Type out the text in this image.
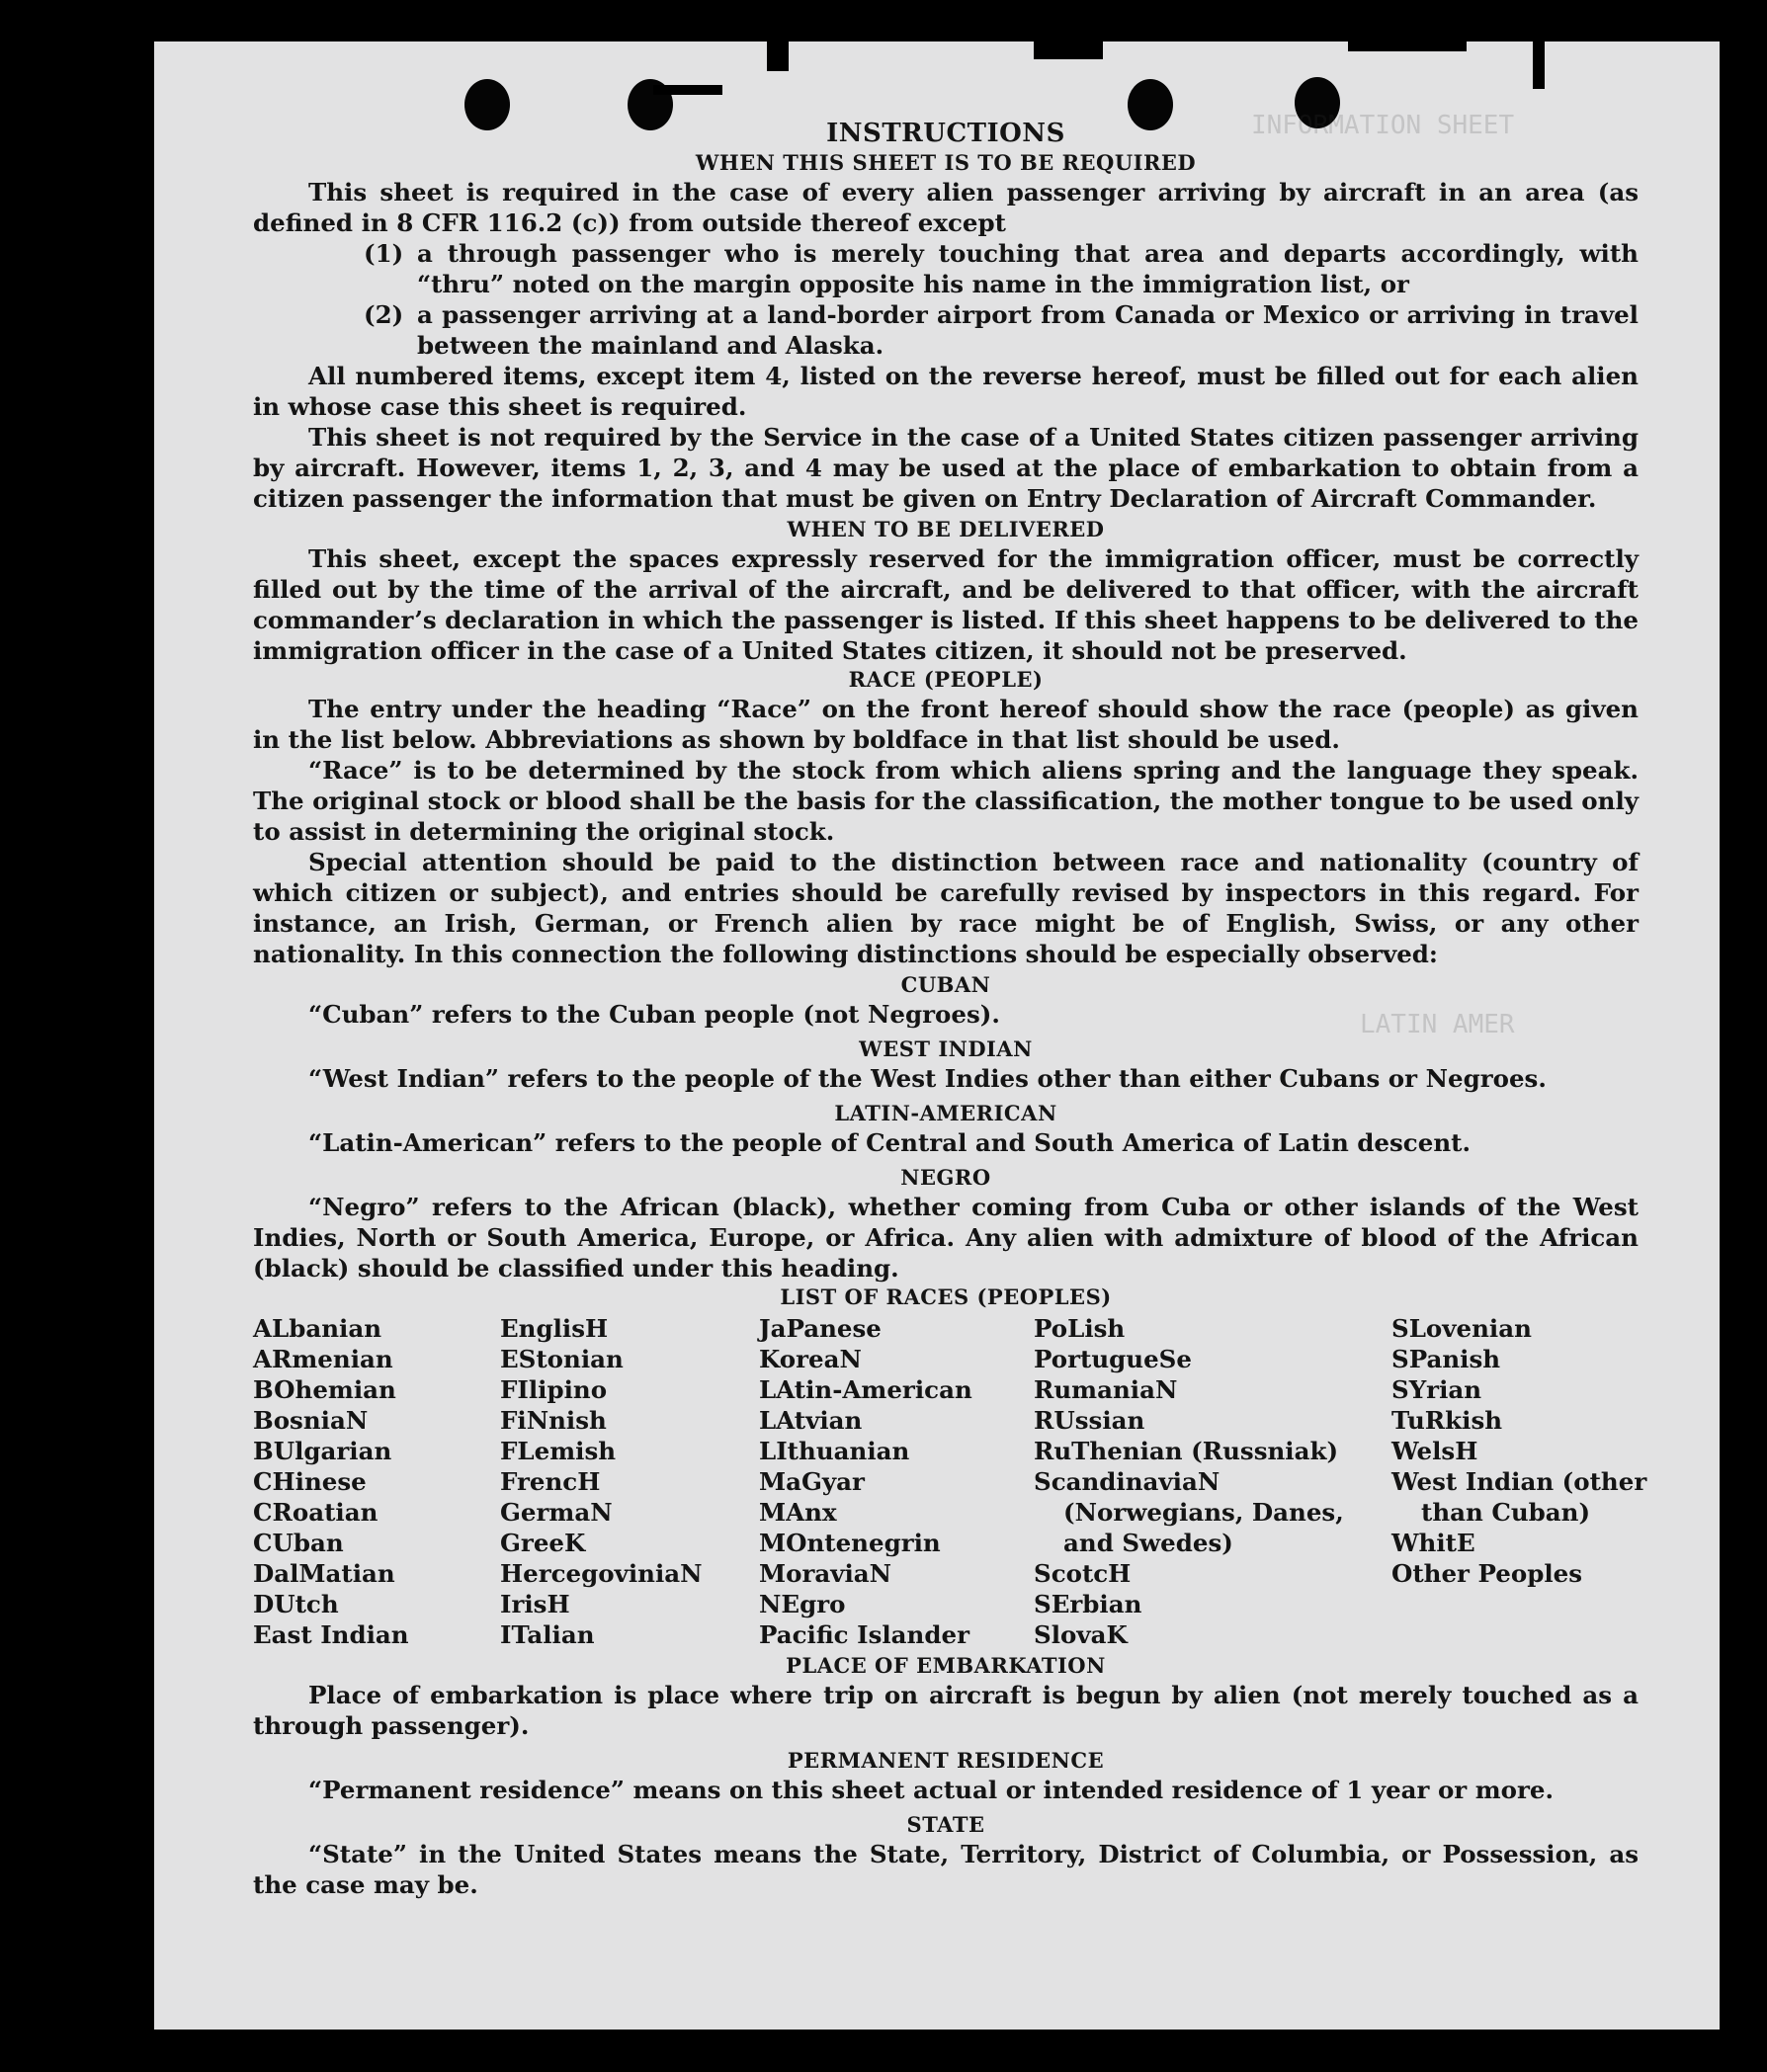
INFORMATION SHEET
LATIN AMER
INSTRUCTIONS
WHEN THIS SHEET IS TO BE REQUIRED
This sheet is required in the case of every alien passenger arriving by aircraft in an area (as defined in 8 CFR 116.2 (c)) from outside thereof except
(1) a through passenger who is merely touching that area and departs accordingly, with “thru” noted on the margin opposite his name in the immigration list, or
(2) a passenger arriving at a land-border airport from Canada or Mexico or arriving in travel between the mainland and Alaska.

All numbered items, except item 4, listed on the reverse hereof, must be filled out for each alien in whose case this sheet is required.

This sheet is not required by the Service in the case of a United States citizen passenger arriving by aircraft. However, items 1, 2, 3, and 4 may be used at the place of embarkation to obtain from a citizen passenger the information that must be given on Entry Declaration of Aircraft Commander.

WHEN TO BE DELIVERED

This sheet, except the spaces expressly reserved for the immigration officer, must be correctly filled out by the time of the arrival of the aircraft, and be delivered to that officer, with the aircraft commander’s declaration in which the passenger is listed. If this sheet happens to be delivered to the immigration officer in the case of a United States citizen, it should not be preserved.

RACE (PEOPLE)

The entry under the heading “Race” on the front hereof should show the race (people) as given in the list below. Abbreviations as shown by boldface in that list should be used.

“Race” is to be determined by the stock from which aliens spring and the language they speak. The original stock or blood shall be the basis for the classification, the mother tongue to be used only to assist in determining the original stock.

Special attention should be paid to the distinction between race and nationality (country of which citizen or subject), and entries should be carefully revised by inspectors in this regard. For instance, an Irish, German, or French alien by race might be of English, Swiss, or any other nationality. In this connection the following distinctions should be especially observed:

CUBAN

“Cuban” refers to the Cuban people (not Negroes).

WEST INDIAN

“West Indian” refers to the people of the West Indies other than either Cubans or Negroes.

LATIN-AMERICAN

“Latin-American” refers to the people of Central and South America of Latin descent.

NEGRO

“Negro” refers to the African (black), whether coming from Cuba or other islands of the West Indies, North or South America, Europe, or Africa. Any alien with admixture of blood of the African (black) should be classified under this heading.

LIST OF RACES (PEOPLES)
ALbanian
ARmenian
BOhemian
BosniaN
BUlgarian
CHinese
CRoatian
CUban
DalMatian
DUtch
East Indian
EnglisH
EStonian
FIlipino
FiNnish
FLemish
FrencH
GermaN
GreeK
HercegoviniaN
IrisH
ITalian
JaPanese
KoreaN
LAtin-American
LAtvian
LIthuanian
MaGyar
MAnx
MOntenegrin
MoraviaN
NEgro
Pacific Islander
PoLish
PortugueSe
RumaniaN
RUssian
RuThenian (Russniak)
ScandinaviaN (Norwegians, Danes, and Swedes)
ScotcH
SErbian
SlovaK
SLovenian
SPanish
SYrian
TuRkish
WelsH
West Indian (other than Cuban)
WhitE
Other Peoples
PLACE OF EMBARKATION

Place of embarkation is place where trip on aircraft is begun by alien (not merely touched as a through passenger).

PERMANENT RESIDENCE

“Permanent residence” means on this sheet actual or intended residence of 1 year or more.

STATE

“State” in the United States means the State, Territory, District of Columbia, or Possession, as the case may be.
